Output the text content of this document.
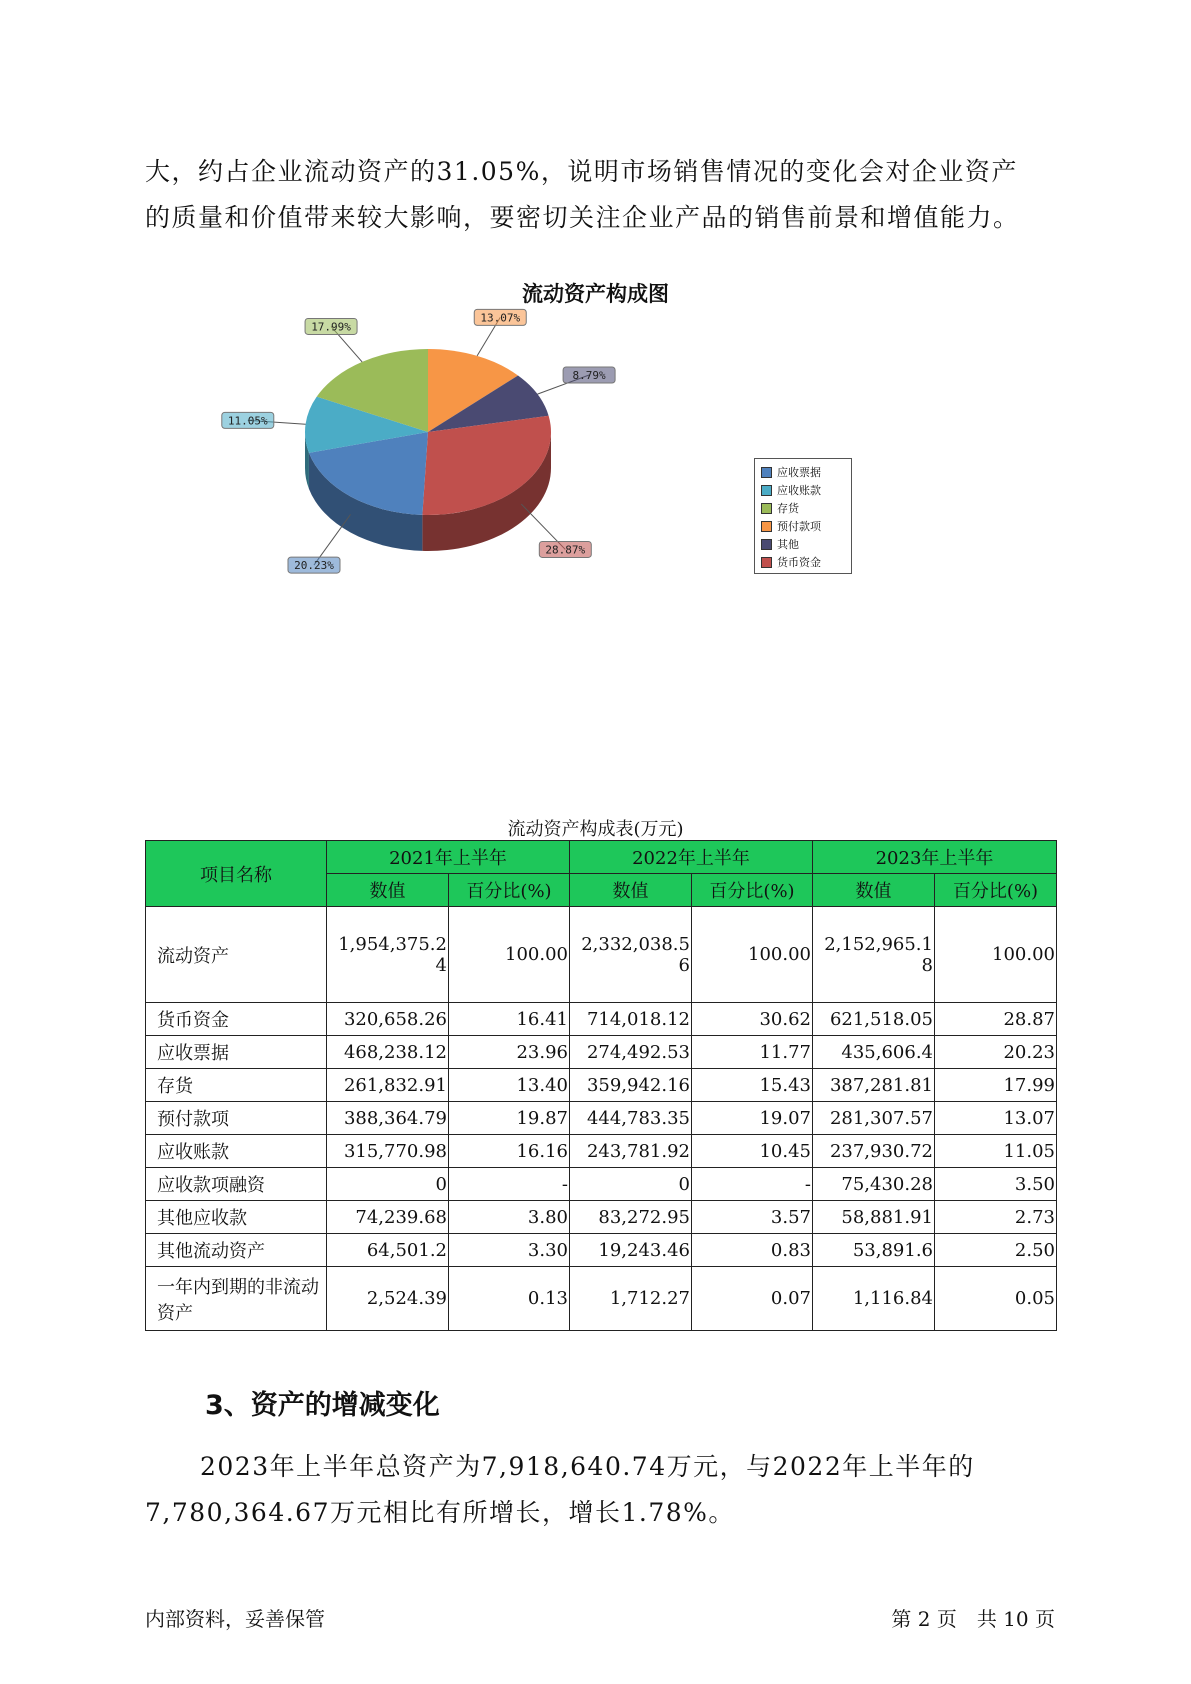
大，约占企业流动资产的31.05%，说明市场销售情况的变化会对企业资产

的质量和价值带来较大影响，要密切关注企业产品的销售前景和增值能力。

流动资产构成图
13.07%
8.79%
28.87%
20.23%
11.05%
17.99%
应收票据
应收账款
存货
预付款项
其他
货币资金
流动资产构成表(万元)
项目名称	2021年上半年		2022年上半年		2023年上半年	
	数值	百分比(%)	数值	百分比(%)	数值	百分比(%)
流动资产	1,954,375.24	100.00	2,332,038.56	100.00	2,152,965.18	100.00
货币资金	320,658.26	16.41	714,018.12	30.62	621,518.05	28.87
应收票据	468,238.12	23.96	274,492.53	11.77	435,606.4	20.23
存货	261,832.91	13.40	359,942.16	15.43	387,281.81	17.99
预付款项	388,364.79	19.87	444,783.35	19.07	281,307.57	13.07
应收账款	315,770.98	16.16	243,781.92	10.45	237,930.72	11.05
应收款项融资	0	-	0	-	75,430.28	3.50
其他应收款	74,239.68	3.80	83,272.95	3.57	58,881.91	2.73
其他流动资产	64,501.2	3.30	19,243.46	0.83	53,891.6	2.50
一年内到期的非流动资产	2,524.39	0.13	1,712.27	0.07	1,116.84	0.05
3、资产的增减变化

2023年上半年总资产为7,918,640.74万元，与2022年上半年的

7,780,364.67万元相比有所增长，增长1.78%。

内部资料，妥善保管	第 2 页　共 10 页
